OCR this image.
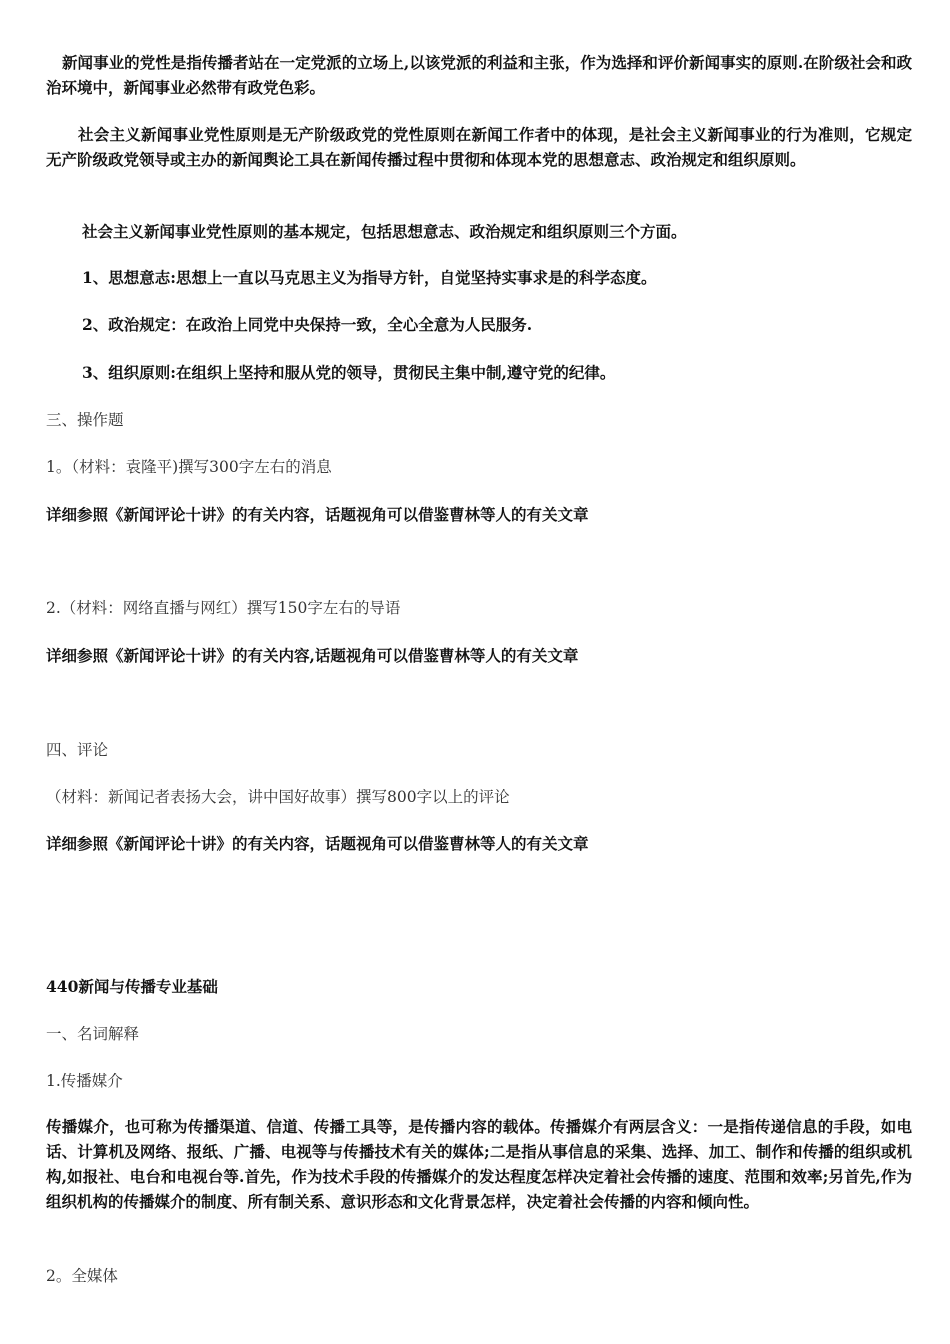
新闻事业的党性是指传播者站在一定党派的立场上,以该党派的利益和主张，作为选择和评价新闻事实的原则.在阶级社会和政治环境中，新闻事业必然带有政党色彩。
社会主义新闻事业党性原则是无产阶级政党的党性原则在新闻工作者中的体现，是社会主义新闻事业的行为准则，它规定无产阶级政党领导或主办的新闻舆论工具在新闻传播过程中贯彻和体现本党的思想意志、政治规定和组织原则。
社会主义新闻事业党性原则的基本规定，包括思想意志、政治规定和组织原则三个方面。
1、思想意志:思想上一直以马克思主义为指导方针，自觉坚持实事求是的科学态度。
2、政治规定：在政治上同党中央保持一致，全心全意为人民服务.
3、组织原则:在组织上坚持和服从党的领导，贯彻民主集中制,遵守党的纪律。
三、操作题
1。（材料：袁隆平)撰写300字左右的消息
详细参照《新闻评论十讲》的有关内容，话题视角可以借鉴曹林等人的有关文章
2.（材料：网络直播与网红）撰写150字左右的导语
详细参照《新闻评论十讲》的有关内容,话题视角可以借鉴曹林等人的有关文章
四、评论
（材料：新闻记者表扬大会，讲中国好故事）撰写800字以上的评论
详细参照《新闻评论十讲》的有关内容，话题视角可以借鉴曹林等人的有关文章
440新闻与传播专业基础
一、名词解释
1.传播媒介
传播媒介，也可称为传播渠道、信道、传播工具等，是传播内容的载体。传播媒介有两层含义：一是指传递信息的手段，如电话、计算机及网络、报纸、广播、电视等与传播技术有关的媒体;二是指从事信息的采集、选择、加工、制作和传播的组织或机构,如报社、电台和电视台等.首先，作为技术手段的传播媒介的发达程度怎样决定着社会传播的速度、范围和效率;另首先,作为组织机构的传播媒介的制度、所有制关系、意识形态和文化背景怎样，决定着社会传播的内容和倾向性。
2。全媒体
